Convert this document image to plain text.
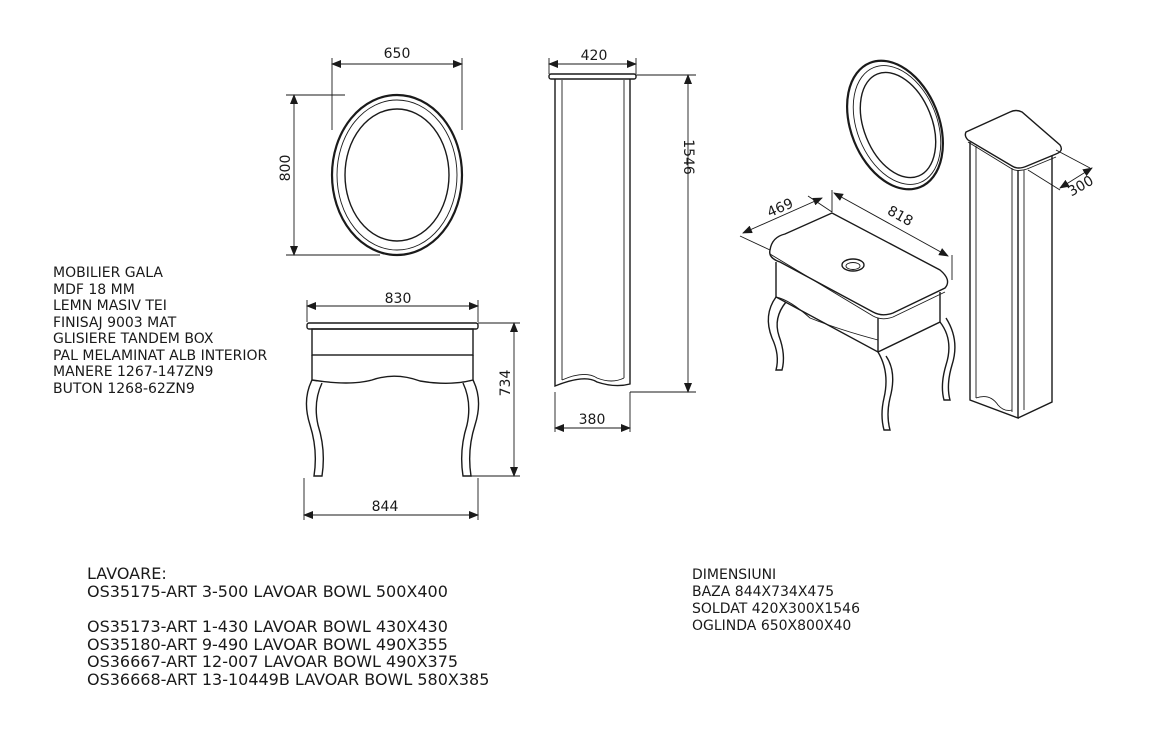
650
800
420
1546
380
830
734
844
469	818
300
MOBILIER GALA
MDF 18 MM
LEMN MASIV TEI
FINISAJ 9003 MAT
GLISIERE TANDEM BOX
PAL MELAMINAT ALB INTERIOR
MANERE 1267-147ZN9
BUTON 1268-62ZN9
LAVOARE:
OS35175-ART 3-500 LAVOAR BOWL 500X400
OS35173-ART 1-430 LAVOAR BOWL 430X430
OS35180-ART 9-490 LAVOAR BOWL 490X355
OS36667-ART 12-007 LAVOAR BOWL 490X375
OS36668-ART 13-10449B LAVOAR BOWL 580X385
DIMENSIUNI
BAZA 844X734X475
SOLDAT 420X300X1546
OGLINDA 650X800X40
